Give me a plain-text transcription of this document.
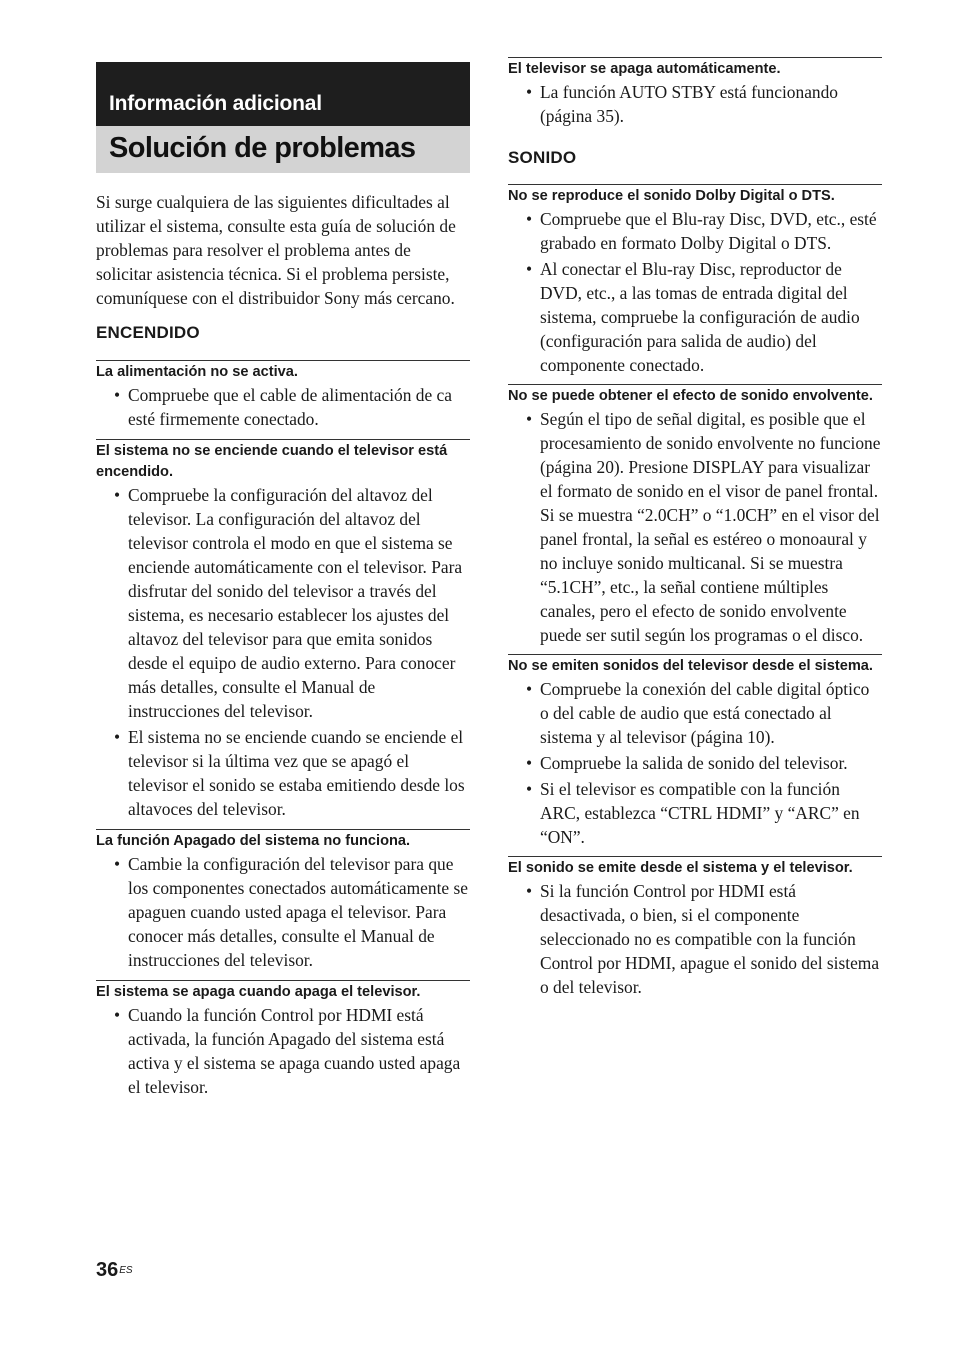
Información adicional
Solución de problemas

Si surge cualquiera de las siguientes dificultades al utilizar el sistema, consulte esta guía de solución de problemas para resolver el problema antes de solicitar asistencia técnica. Si el problema persiste, comuníquese con el distribuidor Sony más cercano.

ENCENDIDO
La alimentación no se activa.
• Compruebe que el cable de alimentación de ca esté firmemente conectado.
El sistema no se enciende cuando el televisor está encendido.
• Compruebe la configuración del altavoz del televisor. La configuración del altavoz del televisor controla el modo en que el sistema se enciende automáticamente con el televisor. Para disfrutar del sonido del televisor a través del sistema, es necesario establecer los ajustes del altavoz del televisor para que emita sonidos desde el equipo de audio externo. Para conocer más detalles, consulte el Manual de instrucciones del televisor.
• El sistema no se enciende cuando se enciende el televisor si la última vez que se apagó el televisor el sonido se estaba emitiendo desde los altavoces del televisor.
La función Apagado del sistema no funciona.
• Cambie la configuración del televisor para que los componentes conectados automáticamente se apaguen cuando usted apaga el televisor. Para conocer más detalles, consulte el Manual de instrucciones del televisor.
El sistema se apaga cuando apaga el televisor.
• Cuando la función Control por HDMI está activada, la función Apagado del sistema está activa y el sistema se apaga cuando usted apaga el televisor.
El televisor se apaga automáticamente.
• La función AUTO STBY está funcionando (página 35).
SONIDO
No se reproduce el sonido Dolby Digital o DTS.
• Compruebe que el Blu-ray Disc, DVD, etc., esté grabado en formato Dolby Digital o DTS.
• Al conectar el Blu-ray Disc, reproductor de DVD, etc., a las tomas de entrada digital del sistema, compruebe la configuración de audio (configuración para salida de audio) del componente conectado.
No se puede obtener el efecto de sonido envolvente.
• Según el tipo de señal digital, es posible que el procesamiento de sonido envolvente no funcione (página 20). Presione DISPLAY para visualizar el formato de sonido en el visor de panel frontal. Si se muestra “2.0CH” o “1.0CH” en el visor del panel frontal, la señal es estéreo o monoaural y no incluye sonido multicanal. Si se muestra “5.1CH”, etc., la señal contiene múltiples canales, pero el efecto de sonido envolvente puede ser sutil según los programas o el disco.
No se emiten sonidos del televisor desde el sistema.
• Compruebe la conexión del cable digital óptico o del cable de audio que está conectado al sistema y al televisor (página 10).
• Compruebe la salida de sonido del televisor.
• Si el televisor es compatible con la función ARC, establezca “CTRL HDMI” y “ARC” en “ON”.
El sonido se emite desde el sistema y el televisor.
• Si la función Control por HDMI está desactivada, o bien, si el componente seleccionado no es compatible con la función Control por HDMI, apague el sonido del sistema o del televisor.
$36^{ES}$
